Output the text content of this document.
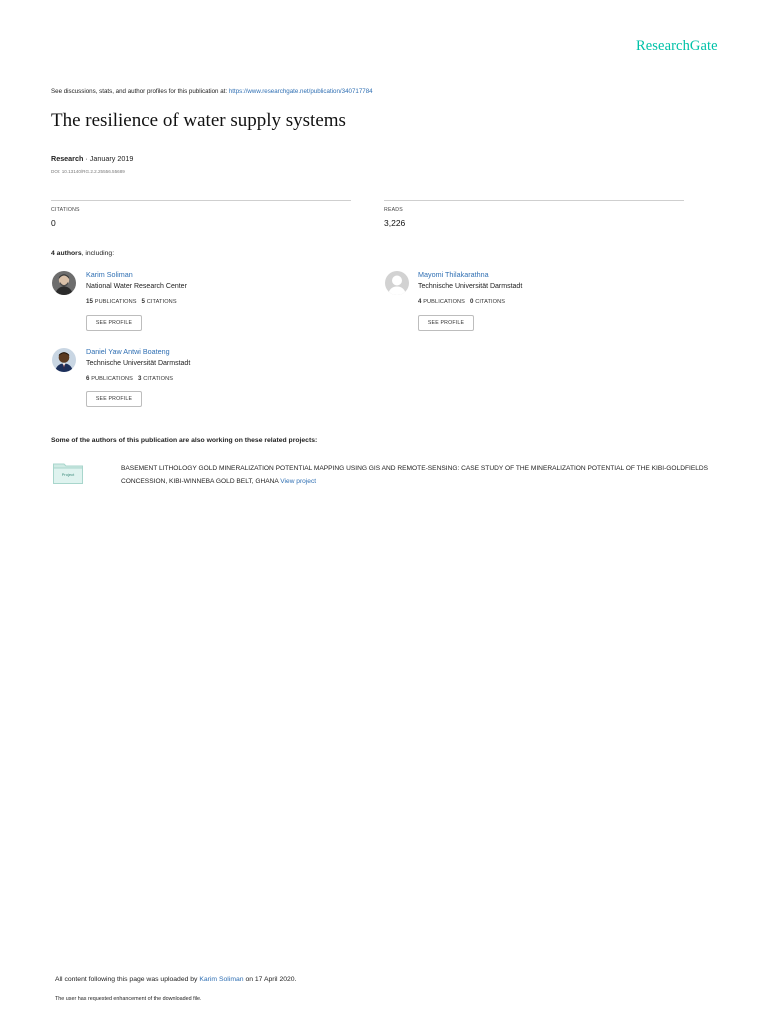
ResearchGate
See discussions, stats, and author profiles for this publication at: https://www.researchgate.net/publication/340717784
The resilience of water supply systems
Research · January 2019
DOI: 10.13140/RG.2.2.25556.55689
CITATIONS
0
READS
3,226
4 authors, including:
Karim Soliman
National Water Research Center
15 PUBLICATIONS 5 CITATIONS
SEE PROFILE
Mayomi Thilakarathna
Technische Universität Darmstadt
4 PUBLICATIONS 0 CITATIONS
SEE PROFILE
Daniel Yaw Antwi Boateng
Technische Universität Darmstadt
6 PUBLICATIONS 3 CITATIONS
SEE PROFILE
Some of the authors of this publication are also working on these related projects:
Project
BASEMENT LITHOLOGY GOLD MINERALIZATION POTENTIAL MAPPING USING GIS AND REMOTE-SENSING: CASE STUDY OF THE MINERALIZATION POTENTIAL OF THE KIBI-GOLDFIELDS CONCESSION, KIBI-WINNEBA GOLD BELT, GHANA View project
All content following this page was uploaded by Karim Soliman on 17 April 2020.
The user has requested enhancement of the downloaded file.
